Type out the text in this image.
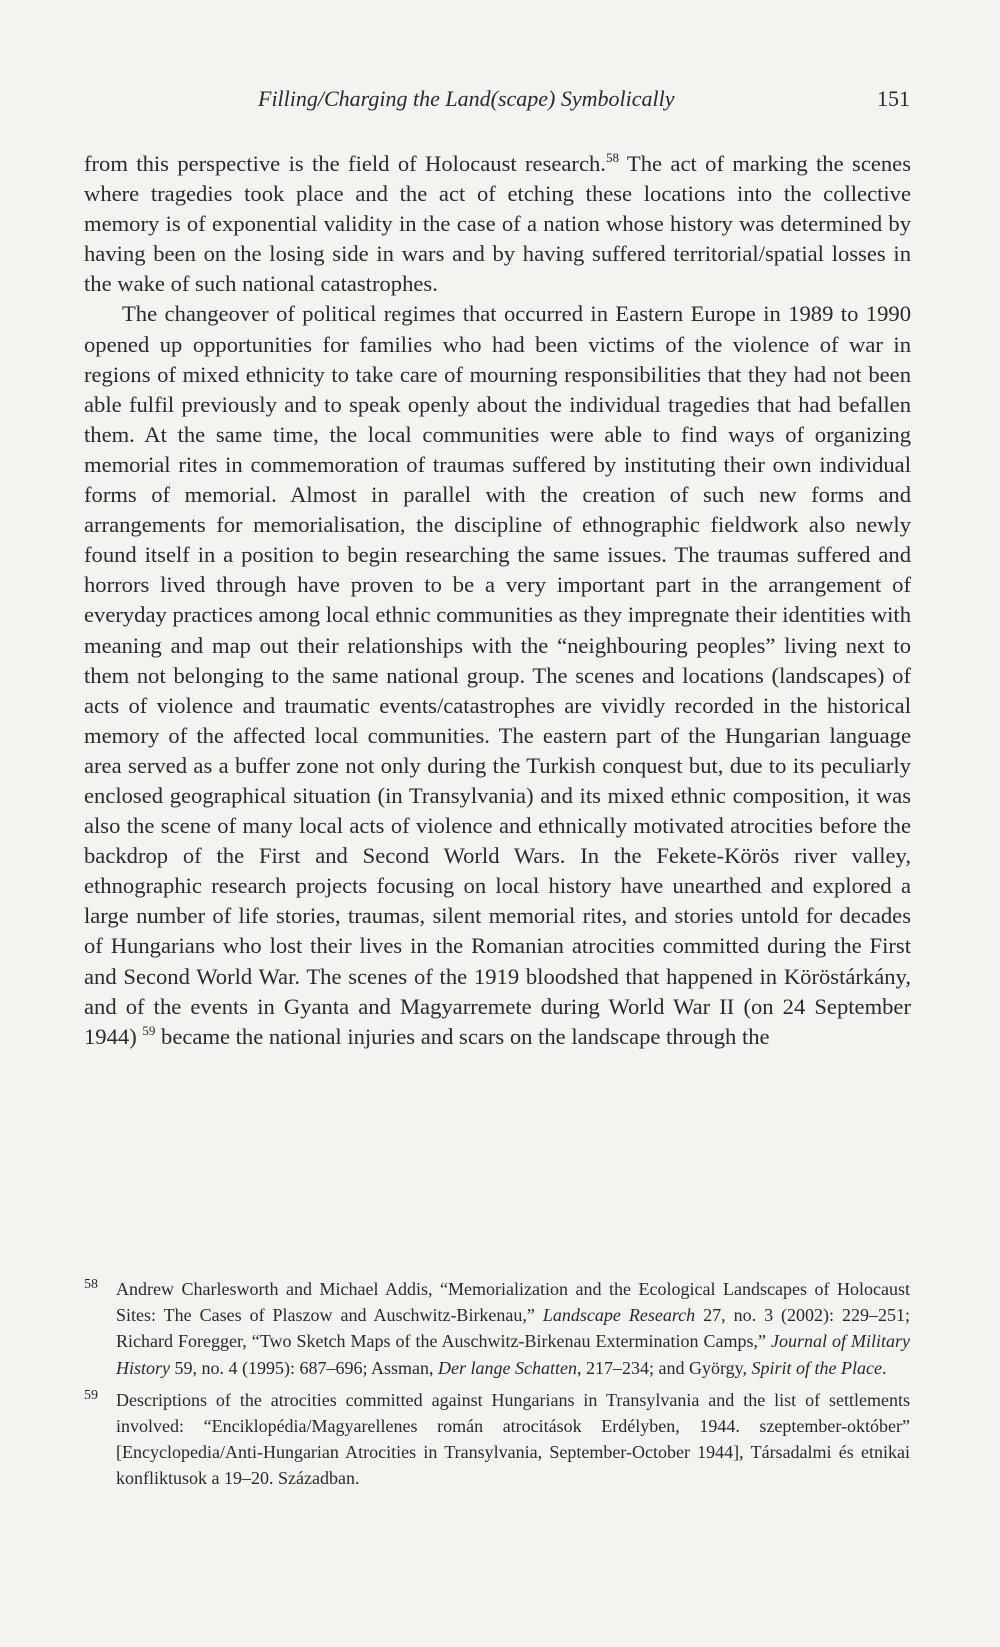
Filling/Charging the Land(scape) Symbolically	151

from this perspective is the field of Holocaust research.$^{58}$ The act of marking the scenes where tragedies took place and the act of etching these locations into the collective memory is of exponential validity in the case of a nation whose history was determined by having been on the losing side in wars and by having suffered territorial/spatial losses in the wake of such national catastrophes.

The changeover of political regimes that occurred in Eastern Europe in 1989 to 1990 opened up opportunities for families who had been victims of the violence of war in regions of mixed ethnicity to take care of mourning responsibilities that they had not been able fulfil previously and to speak openly about the individual tragedies that had befallen them. At the same time, the local communities were able to find ways of organizing memorial rites in commemoration of traumas suffered by instituting their own individual forms of memorial. Almost in parallel with the creation of such new forms and arrangements for memorialisation, the discipline of ethnographic fieldwork also newly found itself in a position to begin researching the same issues. The traumas suffered and horrors lived through have proven to be a very important part in the arrangement of everyday practices among local ethnic communities as they impregnate their identities with meaning and map out their relationships with the “neighbouring peoples” living next to them not belonging to the same national group. The scenes and locations (landscapes) of acts of violence and traumatic events/catastrophes are vividly recorded in the historical memory of the affected local communities. The eastern part of the Hungarian language area served as a buffer zone not only during the Turkish conquest but, due to its peculiarly enclosed geographical situation (in Transylvania) and its mixed ethnic composition, it was also the scene of many local acts of violence and ethnically motivated atrocities before the backdrop of the First and Second World Wars. In the Fekete-Körös river valley, ethnographic research projects focusing on local history have unearthed and explored a large number of life stories, traumas, silent memorial rites, and stories untold for decades of Hungarians who lost their lives in the Romanian atrocities committed during the First and Second World War. The scenes of the 1919 bloodshed that happened in Köröstárkány, and of the events in Gyanta and Magyarremete during World War II (on 24 September 1944) $^{59}$ became the national injuries and scars on the landscape through the

58 Andrew Charlesworth and Michael Addis, “Memorialization and the Ecological Landscapes of Holocaust Sites: The Cases of Plaszow and Auschwitz-Birkenau,” Landscape Research 27, no. 3 (2002): 229–251; Richard Foregger, “Two Sketch Maps of the Auschwitz-Birkenau Extermination Camps,” Journal of Military History 59, no. 4 (1995): 687–696; Assman, Der lange Schatten, 217–234; and György, Spirit of the Place.
59 Descriptions of the atrocities committed against Hungarians in Transylvania and the list of settlements involved: “Enciklopédia/Magyarellenes román atrocitások Erdélyben, 1944. szeptember-október” [Encyclopedia/Anti-Hungarian Atrocities in Transylvania, September-October 1944], Társadalmi és etnikai konfliktusok a 19–20. Században.
